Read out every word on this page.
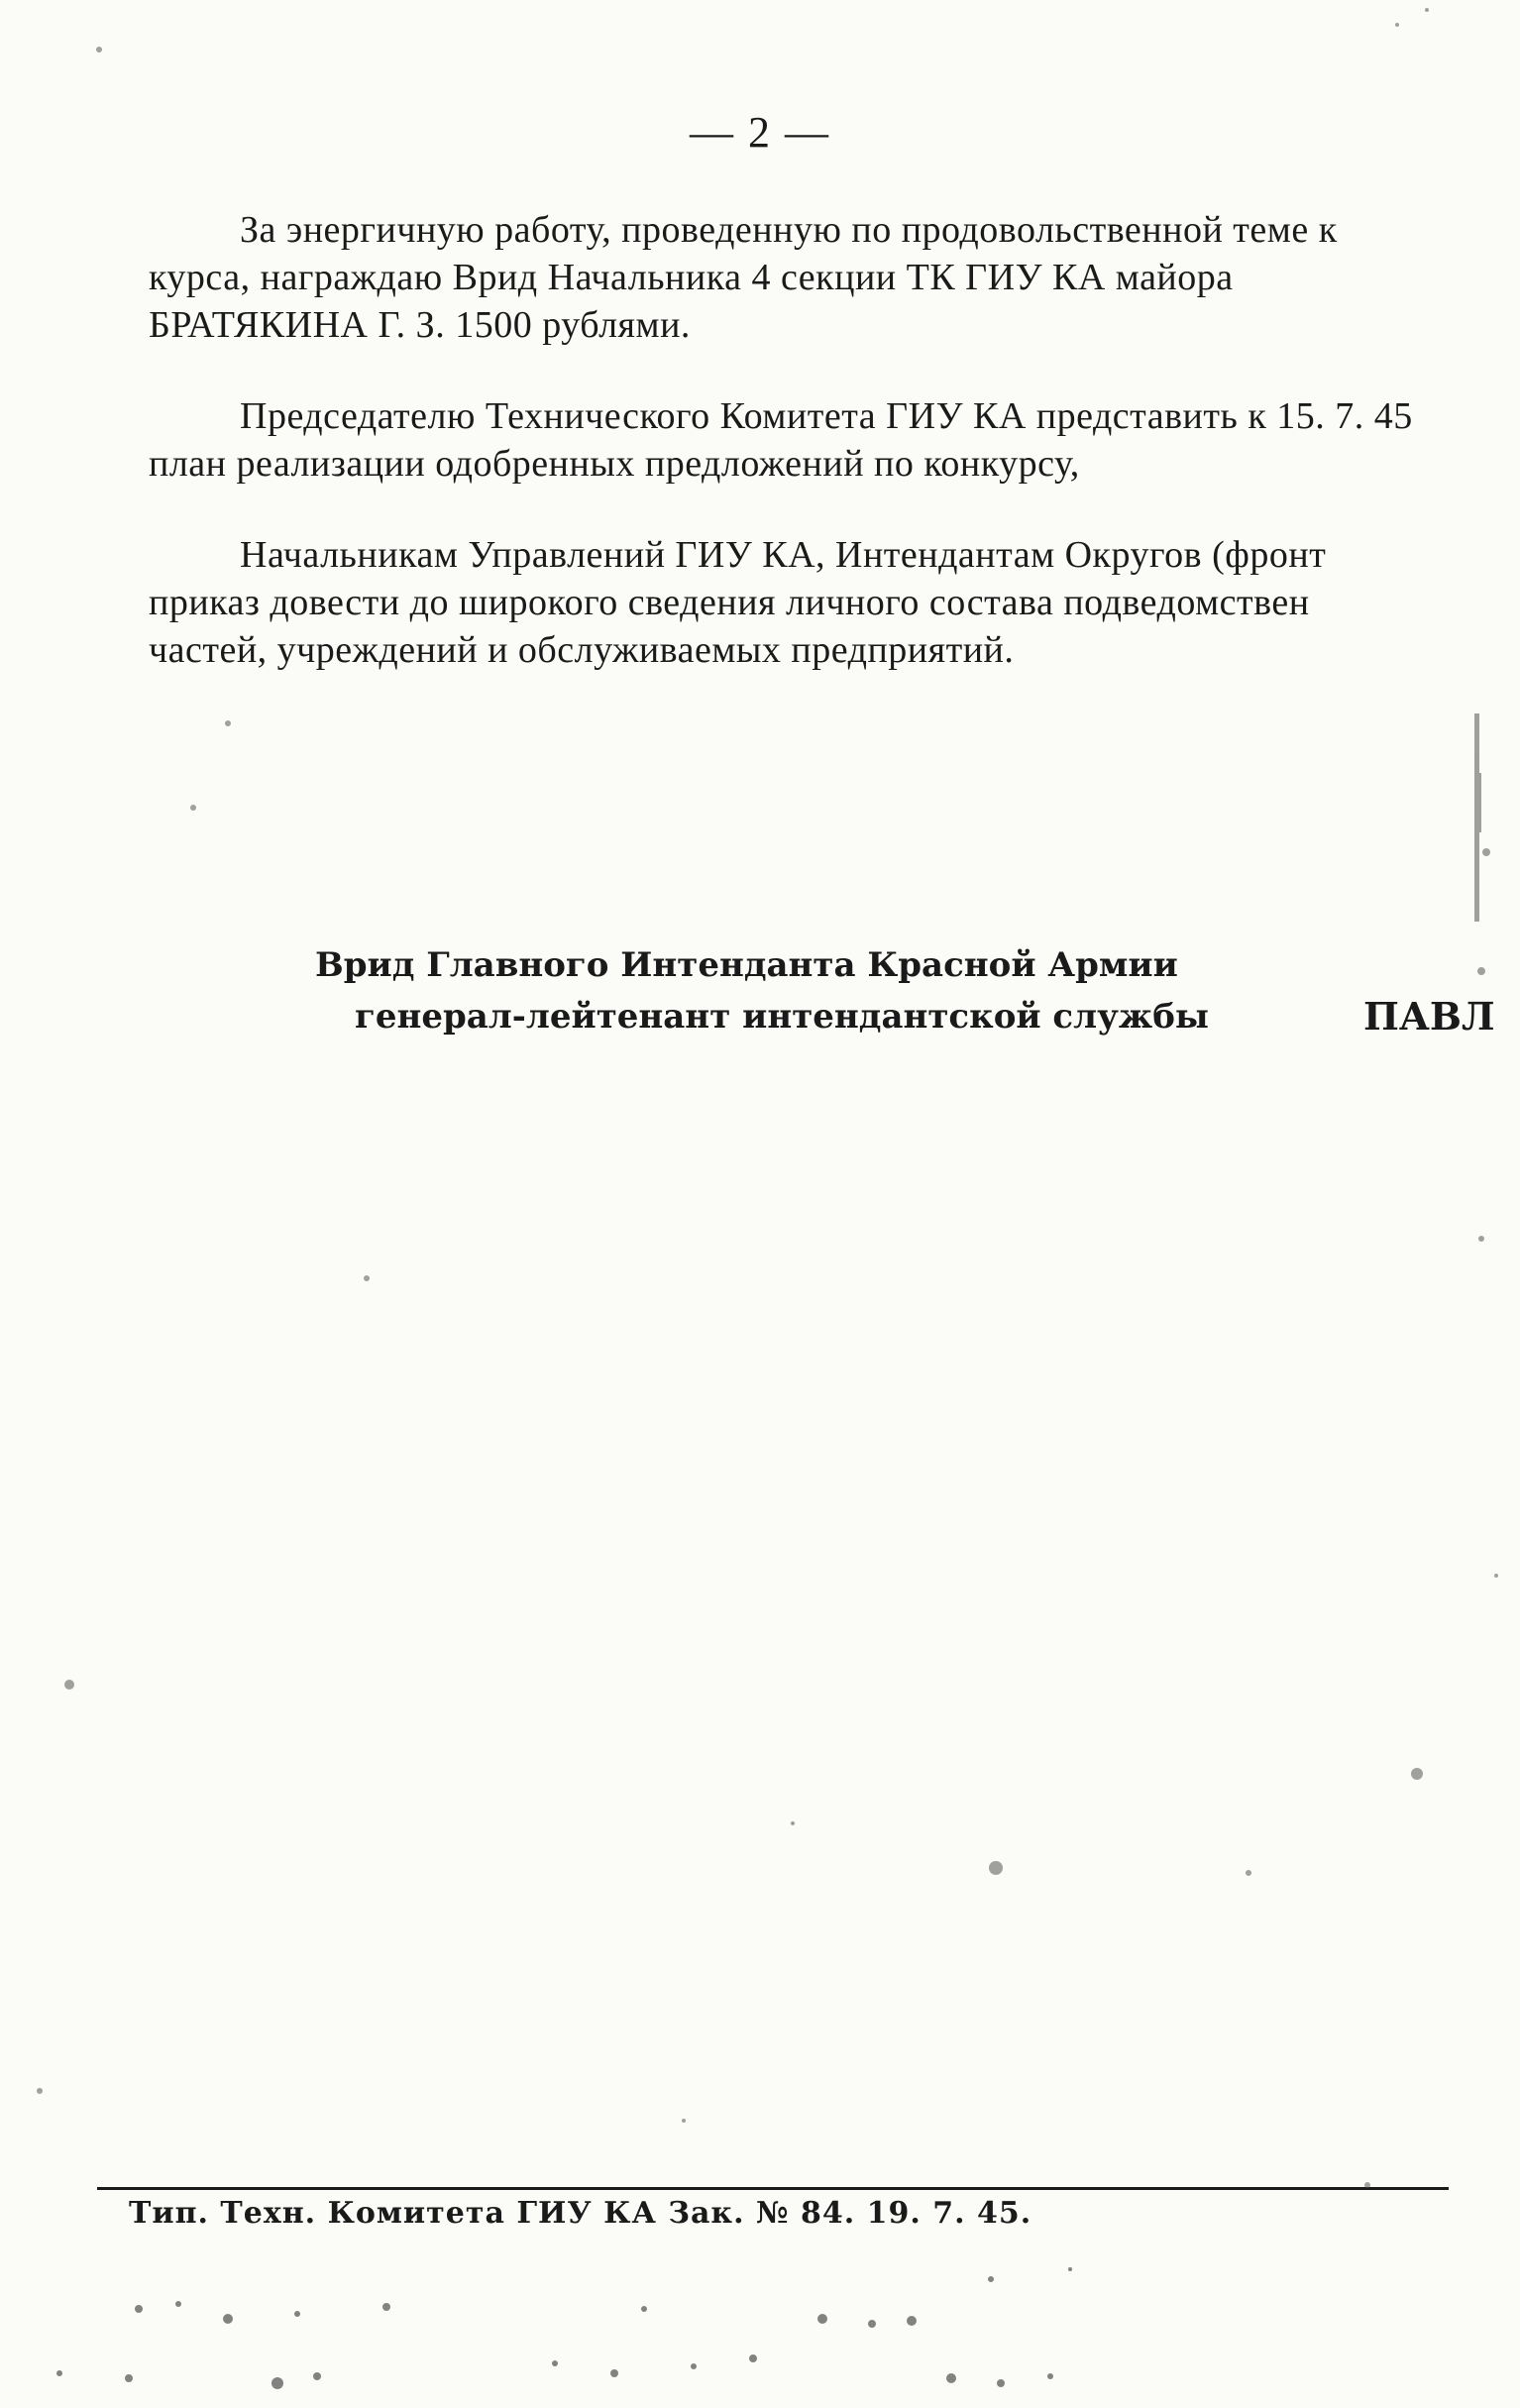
— 2 —
За энергичную работу, проведенную по продовольственной теме к
курса, награждаю Врид Начальника 4 секции ТК ГИУ КА майора
БРАТЯКИНА Г. З. 1500 рублями.
Председателю Технического Комитета ГИУ КА представить к 15. 7. 45
план реализации одобренных предложений по конкурсу,
Начальникам Управлений ГИУ КА, Интендантам Округов (фронт
приказ довести до широкого сведения личного состава подведомствен
частей, учреждений и обслуживаемых предприятий.
Врид Главного Интенданта Красной Армии
генерал-лейтенант интендантской службы	ПАВЛ
Тип. Техн. Комитета ГИУ КА Зак. № 84. 19. 7. 45.
